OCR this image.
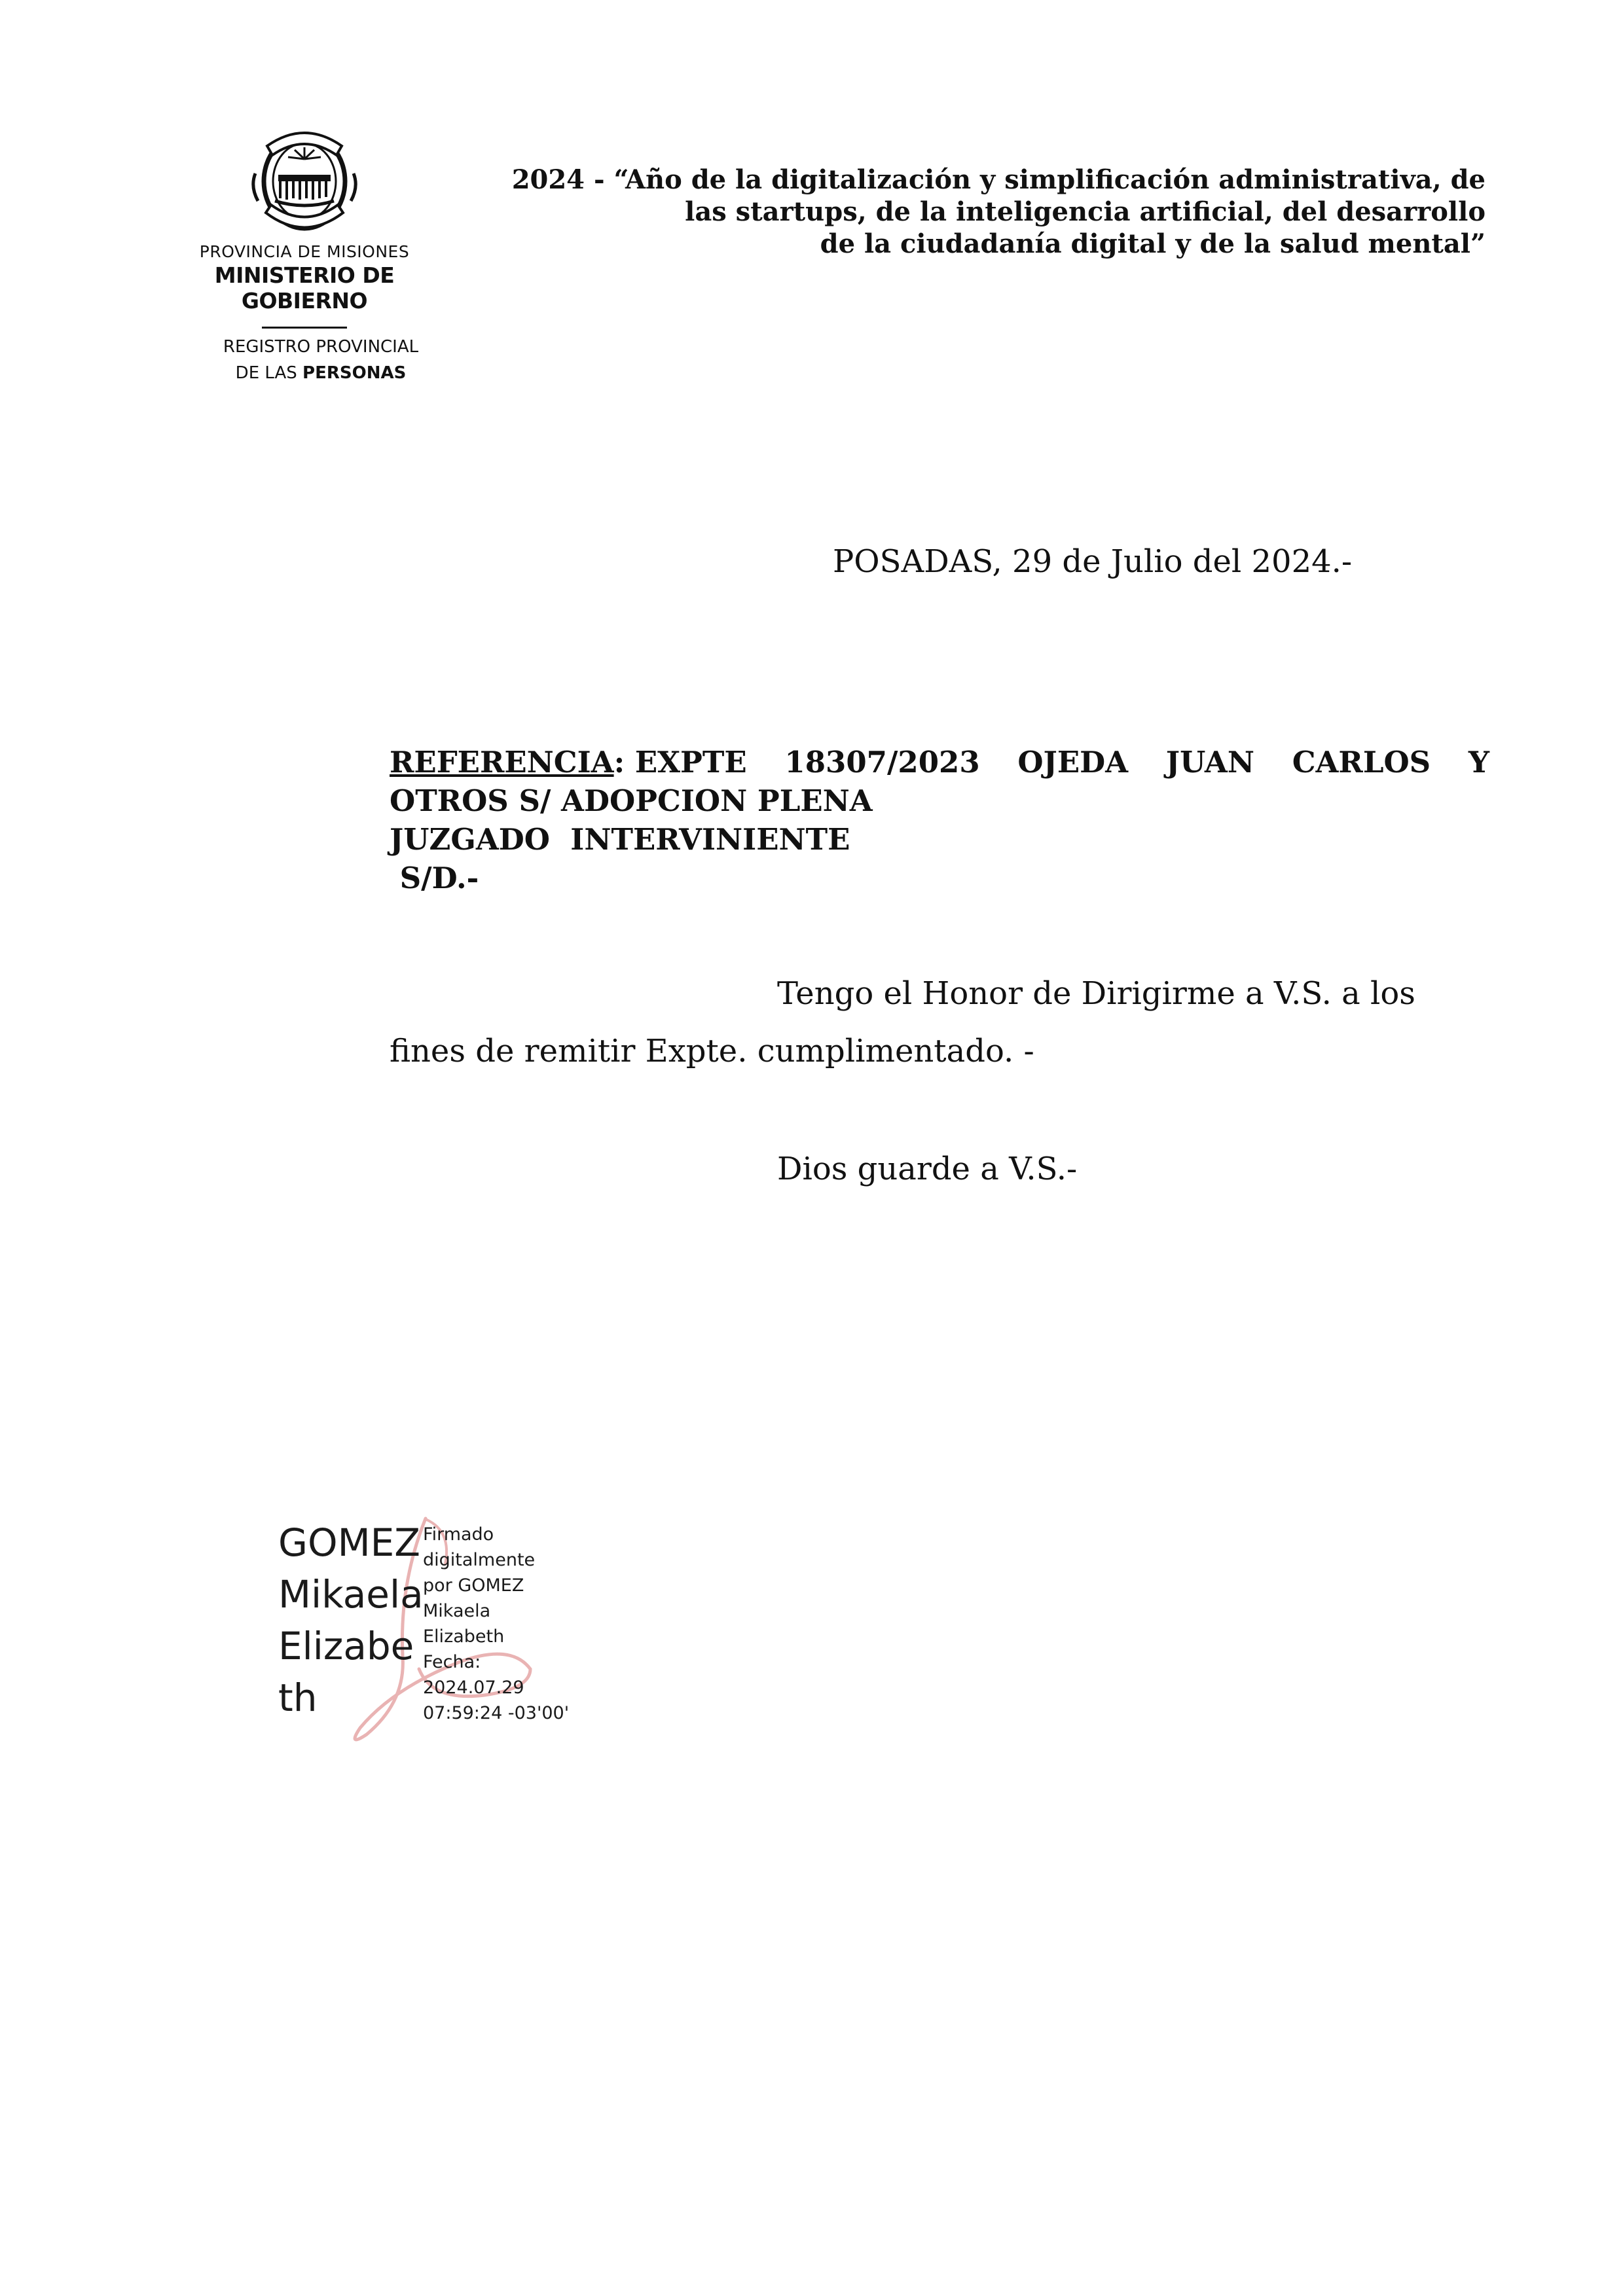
PROVINCIA DE MISIONES
MINISTERIO DE GOBIERNO
REGISTRO PROVINCIAL
DE LAS PERSONAS
2024 - “Año de la digitalización y simplificación administrativa, de
las startups, de la inteligencia artificial, del desarrollo
de la ciudadanía digital y de la salud mental”
POSADAS, 29 de Julio del 2024.-
REFERENCIA: EXPTE 18307/2023 OJEDA JUAN CARLOS Y
OTROS S/ ADOPCION PLENA
JUZGADO  INTERVINIENTE
S/D.-
Tengo el Honor de Dirigirme a V.S. a los
fines de remitir Expte. cumplimentado. -
Dios guarde a V.S.-
GOMEZ
Mikaela
Elizabe
th
Firmado
digitalmente
por GOMEZ
Mikaela
Elizabeth
Fecha:
2024.07.29
07:59:24 -03'00'
